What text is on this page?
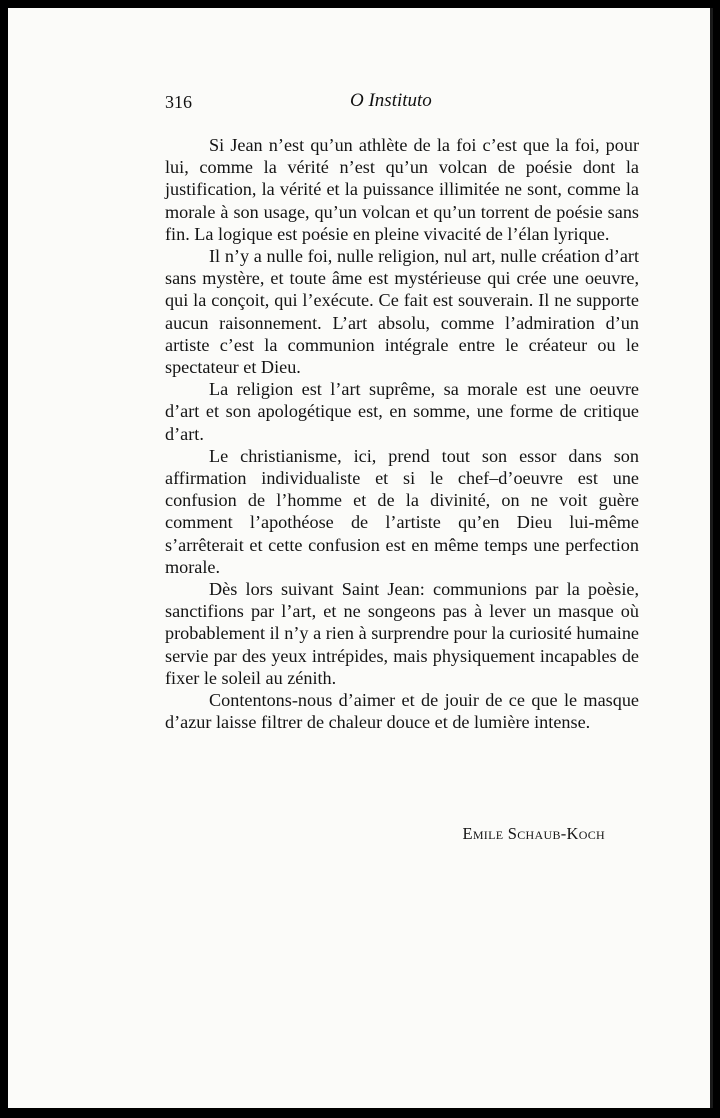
316	O Instituto

Si Jean n’est qu’un athlète de la foi c’est que la foi, pour lui, comme la vérité n’est qu’un volcan de poésie dont la justification, la vérité et la puissance illimitée ne sont, comme la morale à son usage, qu’un volcan et qu’un torrent de poésie sans fin. La logique est poésie en pleine vivacité de l’élan lyrique.

Il n’y a nulle foi, nulle religion, nul art, nulle création d’art sans mystère, et toute âme est mystérieuse qui crée une oeuvre, qui la conçoit, qui l’exécute. Ce fait est souverain. Il ne supporte aucun raisonnement. L’art absolu, comme l’admiration d’un artiste c’est la communion intégrale entre le créateur ou le spectateur et Dieu.

La religion est l’art suprême, sa morale est une oeuvre d’art et son apologétique est, en somme, une forme de critique d’art.

Le christianisme, ici, prend tout son essor dans son affirmation individualiste et si le chef–d’oeuvre est une confusion de l’homme et de la divinité, on ne voit guère comment l’apothéose de l’artiste qu’en Dieu lui-même s’arrêterait et cette confusion est en même temps une perfection morale.

Dès lors suivant Saint Jean: communions par la poèsie, sanctifions par l’art, et ne songeons pas à lever un masque où probablement il n’y a rien à surprendre pour la curiosité humaine servie par des yeux intrépides, mais physiquement incapables de fixer le soleil au zénith.

Contentons-nous d’aimer et de jouir de ce que le masque d’azur laisse filtrer de chaleur douce et de lumière intense.

Emile Schaub-Koch
